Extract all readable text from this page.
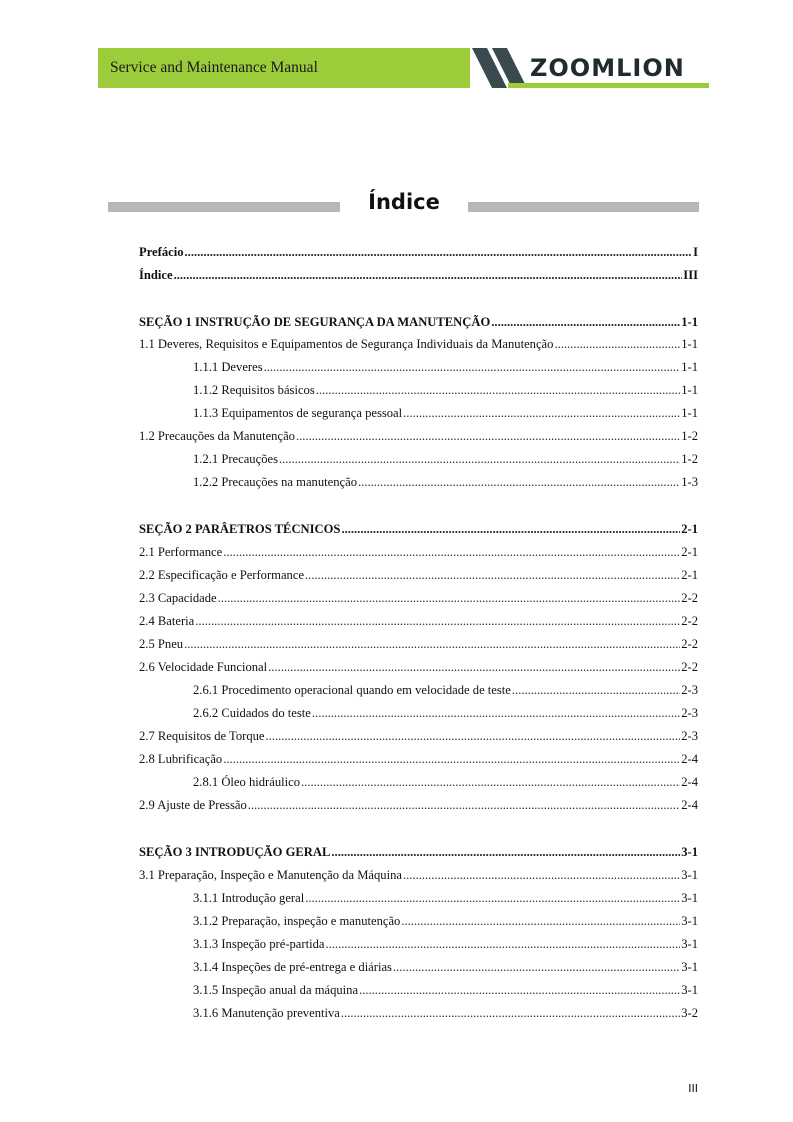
Service and Maintenance Manual	ZOOMLION
Índice
Prefácio .....	I
Índice .....	III
SEÇÃO 1 INSTRUÇÃO DE SEGURANÇA DA MANUTENÇÃO .....	1-1
1.1 Deveres, Requisitos e Equipamentos de Segurança Individuais da Manutenção .....	1-1
1.1.1 Deveres .....	1-1
1.1.2 Requisitos básicos .....	1-1
1.1.3 Equipamentos de segurança pessoal .....	1-1
1.2 Precauções da Manutenção .....	1-2
1.2.1 Precauções .....	1-2
1.2.2 Precauções na manutenção .....	1-3
SEÇÃO 2 PARÂETROS TÉCNICOS .....	2-1
2.1 Performance .....	2-1
2.2 Especificação e Performance .....	2-1
2.3 Capacidade .....	2-2
2.4 Bateria .....	2-2
2.5 Pneu .....	2-2
2.6 Velocidade Funcional .....	2-2
2.6.1 Procedimento operacional quando em velocidade de teste .....	2-3
2.6.2 Cuidados do teste .....	2-3
2.7 Requisitos de Torque .....	2-3
2.8 Lubrificação .....	2-4
2.8.1 Óleo hidráulico .....	2-4
2.9 Ajuste de Pressão .....	2-4
SEÇÃO 3 INTRODUÇÃO GERAL .....	3-1
3.1 Preparação, Inspeção e Manutenção da Máquina .....	3-1
3.1.1 Introdução geral .....	3-1
3.1.2 Preparação, inspeção e manutenção .....	3-1
3.1.3 Inspeção pré-partida .....	3-1
3.1.4 Inspeções de pré-entrega e diárias .....	3-1
3.1.5 Inspeção anual da máquina .....	3-1
3.1.6 Manutenção preventiva .....	3-2
III
